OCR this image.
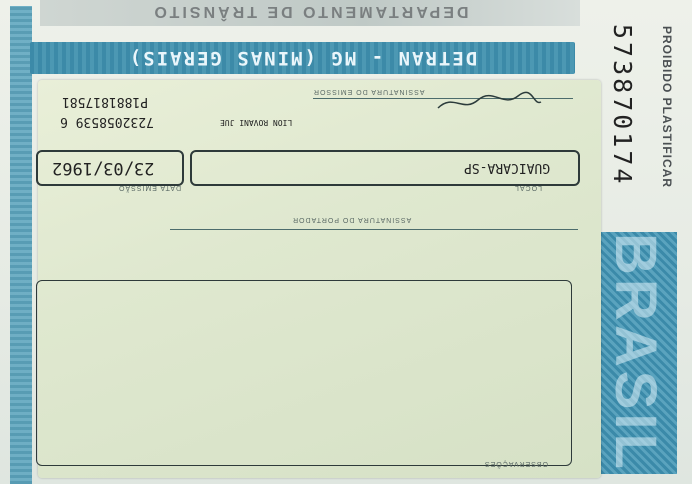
DEPARTAMENTO DE TRÂNSITO
DETRAN - MG (MINAS GERAIS)	573870174 PROIBIDO PLASTIFICAR
BRASIL
ASSINATURA DO EMISSOR
P1881817581
7232058539 6	LION ROVANI JUE
23/03/1962
DATA EMISSÃO
GUAICARA-SP
LOCAL
ASSINATURA DO PORTADOR
OBSERVAÇÕES
